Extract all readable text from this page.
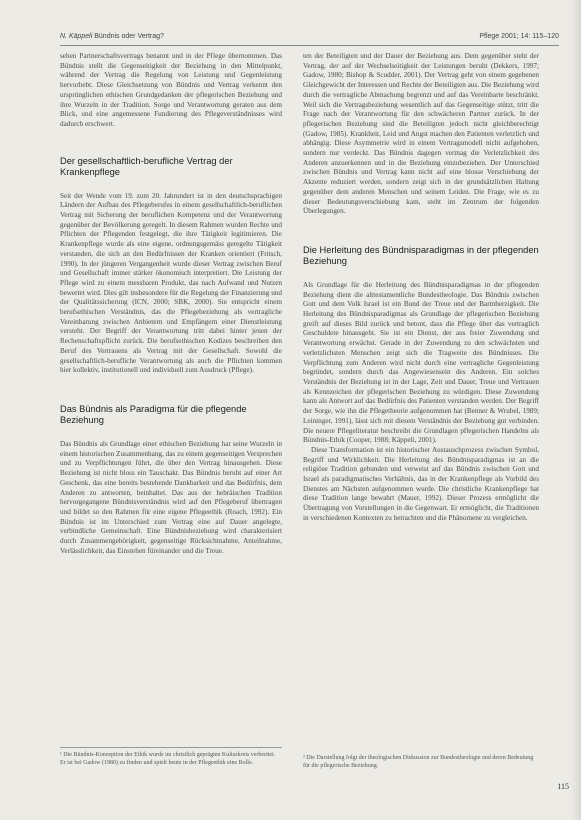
N. Käppeli Bündnis oder Vertrag?	Pflege 2001; 14: 115–120

sehen Partnerschaftsvertrags benannt und in der Pflege übernommen. Das Bündnis stellt die Gegenseitigkeit der Beziehung in den Mittelpunkt, während der Vertrag die Regelung von Leistung und Gegenleistung hervorhebt. Diese Gleichsetzung von Bündnis und Vertrag verkennt den ursprünglichen ethischen Grundgedanken der pflegerischen Beziehung und ihre Wurzeln in der Tradition. Sorge und Verantwortung geraten aus dem Blick, und eine angemessene Fundierung des Pflegeverständnisses wird dadurch erschwert.

Der gesellschaftlich-berufliche Vertrag der Krankenpflege

Seit der Wende vom 19. zum 20. Jahrundert ist in den deutschsprachigen Ländern der Aufbau des Pflegeberufes in einem gesellschaftlich-beruflichen Vertrag mit Sicherung der beruflichen Kompetenz und der Verantwortung gegenüber der Bevölkerung geregelt. In diesem Rahmen wurden Rechte und Pflichten der Pflegenden festgelegt, die ihre Tätigkeit legitimieren. Die Krankenpflege wurde als eine eigene, ordnungsgemäss geregelte Tätigkeit verstanden, die sich an den Bedürfnissen der Kranken orientiert (Fritsch, 1990). In der jüngeren Vergangenheit wurde dieser Vertrag zwischen Beruf und Gesellschaft immer stärker ökonomisch interpretiert. Die Leistung der Pflege wird zu einem messbaren Produkt, das nach Aufwand und Nutzen bewertet wird. Dies gilt insbesondere für die Regelung der Finanzierung und der Qualitätssicherung (ICN, 2000; SBK, 2000). Sie entspricht einem berufsethischen Verständnis, das die Pflegebeziehung als vertragliche Vereinbarung zwischen Anbietern und Empfängern einer Dienstleistung versteht. Der Begriff der Verantwortung tritt dabei hinter jenen der Rechenschaftspflicht zurück. Die berufsethischen Kodizes beschreiben den Beruf des Vertrauens als Vertrag mit der Gesellschaft. Sowohl die gesellschaftlich-berufliche Verantwortung als auch die Pflichten kommen hier kollektiv, institutionell und individuell zum Ausdruck (Pflege).

Das Bündnis als Paradigma für die pflegende Beziehung

Das Bündnis als Grundlage einer ethischen Beziehung hat seine Wurzeln in einem historischen Zusammenhang, das zu einem gegenseitigen Versprechen und zu Verpflichtungen führt, die über den Vertrag hinausgehen. Diese Beziehung ist nicht bloss ein Tauschakt. Das Bündnis beruht auf einer Art Geschenk, das eine bereits bestehende Dankbarkeit und das Bedürfnis, dem Anderen zu antworten, beinhaltet. Das aus der hebräischen Tradition hervorgegangene Bündnisverständnis wird auf den Pflegeberuf übertragen und bildet so den Rahmen für eine eigene Pflegeethik (Roach, 1992). Ein Bündnis ist im Unterschied zum Vertrag eine auf Dauer angelegte, verbindliche Gemeinschaft. Eine Bündnisbeziehung wird charakterisiert durch Zusammengehörigkeit, gegenseitige Rücksichtnahme, Anteilnahme, Verlässlichkeit, das Einstehen füreinander und die Treue.

ten der Beteiligten und der Dauer der Beziehung aus. Dem gegenüber steht der Vertrag, der auf der Wechselseitigkeit der Leistungen beruht (Dekkers, 1997; Gadow, 1980; Bishop & Scudder, 2001). Der Vertrag geht von einem gegebenen Gleichgewicht der Interessen und Rechte der Beteiligten aus. Die Beziehung wird durch die vertragliche Abmachung begrenzt und auf das Vereinbarte beschränkt. Weil sich die Vertragsbeziehung wesentlich auf das Gegenseitige stützt, tritt die Frage nach der Verantwortung für den schwächeren Partner zurück. In der pflegerischen Beziehung sind die Beteiligten jedoch nicht gleichberechtigt (Gadow, 1985). Krankheit, Leid und Angst machen den Patienten verletzlich und abhängig. Diese Asymmetrie wird in einem Vertragsmodell nicht aufgehoben, sondern nur verdeckt. Das Bündnis dagegen vermag die Verletzlichkeit des Anderen anzuerkennen und in die Beziehung einzubeziehen. Der Unterschied zwischen Bündnis und Vertrag kann nicht auf eine blosse Verschiebung der Akzente reduziert werden, sondern zeigt sich in der grundsätzlichen Haltung gegenüber dem anderen Menschen und seinem Leiden. Die Frage, wie es zu dieser Bedeutungsverschiebung kam, steht im Zentrum der folgenden Überlegungen.

Die Herleitung des Bündnisparadigmas in der pflegenden Beziehung

Als Grundlage für die Herleitung des Bündnisparadigmas in der pflegenden Beziehung dient die alttestamentliche Bundestheologie. Das Bündnis zwischen Gott und dem Volk Israel ist ein Bund der Treue und der Barmherzigkeit. Die Herleitung des Bündnisparadigmas als Grundlage der pflegerischen Beziehung greift auf dieses Bild zurück und betont, dass die Pflege über das vertraglich Geschuldete hinausgeht. Sie ist ein Dienst, der aus freier Zuwendung und Verantwortung erwächst. Gerade in der Zuwendung zu den schwächsten und verletzlichsten Menschen zeigt sich die Tragweite des Bündnisses. Die Verpflichtung zum Anderen wird nicht durch eine vertragliche Gegenleistung begründet, sondern durch das Angewiesensein des Anderen. Ein solches Verständnis der Beziehung ist in der Lage, Zeit und Dauer, Treue und Vertrauen als Kennzeichen der pflegerischen Beziehung zu würdigen. Diese Zuwendung kann als Antwort auf das Bedürfnis des Patienten verstanden werden. Der Begriff der Sorge, wie ihn die Pflegetheorie aufgenommen hat (Benner & Wrubel, 1989; Leininger, 1991), lässt sich mit diesem Verständnis der Beziehung gut verbinden. Die neuere Pflegeliteratur beschreibt die Grundlagen pflegerischen Handelns als Bündnis-Ethik (Cooper, 1988; Käppeli, 2001).

Diese Transformation ist ein historischer Austauschprozess zwischen Symbol, Begriff und Wirklichkeit. Die Herleitung des Bündnisparadigmas ist an die religiöse Tradition gebunden und verweist auf das Bündnis zwischen Gott und Israel als paradigmatisches Verhältnis, das in der Krankenpflege als Vorbild des Dienstes am Nächsten aufgenommen wurde. Die christliche Krankenpflege hat diese Tradition lange bewahrt (Mauer, 1992). Dieser Prozess ermöglicht die Übertragung von Vorstellungen in die Gegenwart. Er ermöglicht, die Traditionen in verschiedenen Kontexten zu betrachten und die Phänomene zu vergleichen.

¹ Die Bündnis-Konzeption der Ethik wurde im christlich geprägten Kulturkreis verbreitet. Er ist bei Gadow (1980) zu finden und spielt heute in der Pflegeethik eine Rolle.

² Die Darstellung folgt der theologischen Diskussion zur Bundestheologie und deren Bedeutung für die pflegerische Beziehung.

115
